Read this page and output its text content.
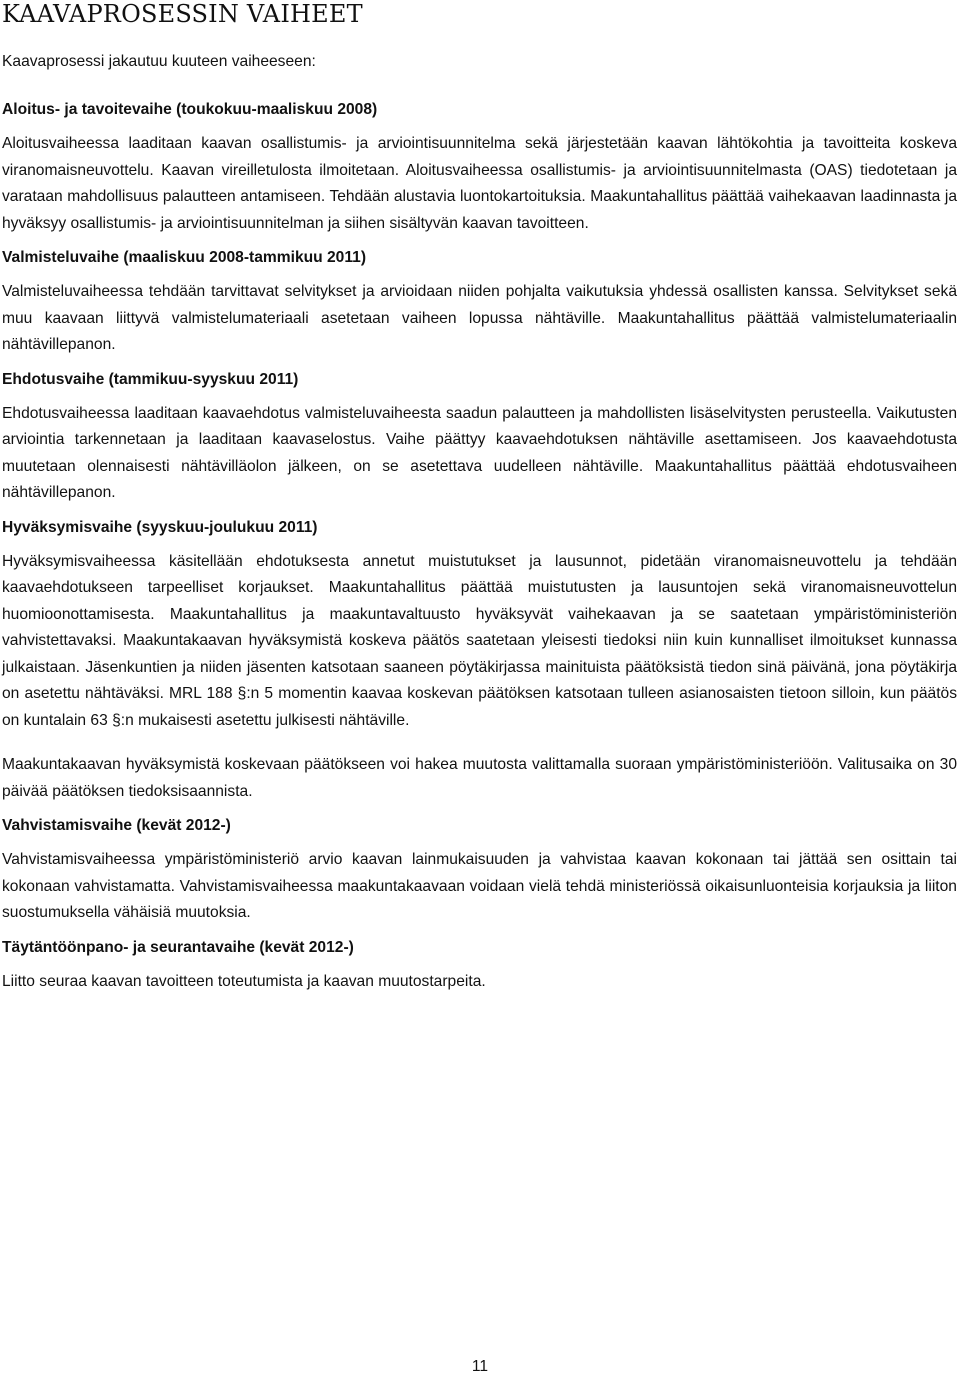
KAAVAPROSESSIN VAIHEET
Kaavaprosessi jakautuu kuuteen vaiheeseen:
Aloitus- ja tavoitevaihe (toukokuu-maaliskuu 2008)

Aloitusvaiheessa laaditaan kaavan osallistumis- ja arviointisuunnitelma sekä järjestetään kaavan lähtökohtia ja tavoitteita koskeva viranomaisneuvottelu. Kaavan vireilletulosta ilmoitetaan. Aloitusvaiheessa osallistumis- ja arviointisuunnitelmasta (OAS) tiedotetaan ja varataan mahdollisuus palautteen antamiseen. Tehdään alustavia luontokartoituksia. Maakuntahallitus päättää vaihekaavan laadinnasta ja hyväksyy osallistumis- ja arviointisuunnitelman ja siihen sisältyvän kaavan tavoitteen.

Valmisteluvaihe (maaliskuu 2008-tammikuu 2011)

Valmisteluvaiheessa tehdään tarvittavat selvitykset ja arvioidaan niiden pohjalta vaikutuksia yhdessä osallisten kanssa. Selvitykset sekä muu kaavaan liittyvä valmistelumateriaali asetetaan vaiheen lopussa nähtäville. Maakuntahallitus päättää valmistelumateriaalin nähtävillepanon.

Ehdotusvaihe (tammikuu-syyskuu 2011)

Ehdotusvaiheessa laaditaan kaavaehdotus valmisteluvaiheesta saadun palautteen ja mahdollisten lisäselvitysten perusteella. Vaikutusten arviointia tarkennetaan ja laaditaan kaavaselostus. Vaihe päättyy kaavaehdotuksen nähtäville asettamiseen. Jos kaavaehdotusta muutetaan olennaisesti nähtävilläolon jälkeen, on se asetettava uudelleen nähtäville. Maakuntahallitus päättää ehdotusvaiheen nähtävillepanon.

Hyväksymisvaihe (syyskuu-joulukuu 2011)

Hyväksymisvaiheessa käsitellään ehdotuksesta annetut muistutukset ja lausunnot, pidetään viranomaisneuvottelu ja tehdään kaavaehdotukseen tarpeelliset korjaukset. Maakuntahallitus päättää muistutusten ja lausuntojen sekä viranomaisneuvottelun huomioonottamisesta. Maakuntahallitus ja maakuntavaltuusto hyväksyvät vaihekaavan ja se saatetaan ympäristöministeriön vahvistettavaksi. Maakuntakaavan hyväksymistä koskeva päätös saatetaan yleisesti tiedoksi niin kuin kunnalliset ilmoitukset kunnassa julkaistaan. Jäsenkuntien ja niiden jäsenten katsotaan saaneen pöytäkirjassa mainituista päätöksistä tiedon sinä päivänä, jona pöytäkirja on asetettu nähtäväksi. MRL 188 §:n 5 momentin kaavaa koskevan päätöksen katsotaan tulleen asianosaisten tietoon silloin, kun päätös on kuntalain 63 §:n mukaisesti asetettu julkisesti nähtäville.

Maakuntakaavan hyväksymistä koskevaan päätökseen voi hakea muutosta valittamalla suoraan ympäristöministeriöön. Valitusaika on 30 päivää päätöksen tiedoksisaannista.

Vahvistamisvaihe (kevät 2012-)

Vahvistamisvaiheessa ympäristöministeriö arvio kaavan lainmukaisuuden ja vahvistaa kaavan kokonaan tai jättää sen osittain tai kokonaan vahvistamatta. Vahvistamisvaiheessa maakuntakaavaan voidaan vielä tehdä ministeriössä oikaisunluonteisia korjauksia ja liiton suostumuksella vähäisiä muutoksia.

Täytäntöönpano- ja seurantavaihe (kevät 2012-)

Liitto seuraa kaavan tavoitteen toteutumista ja kaavan muutostarpeita.

11
